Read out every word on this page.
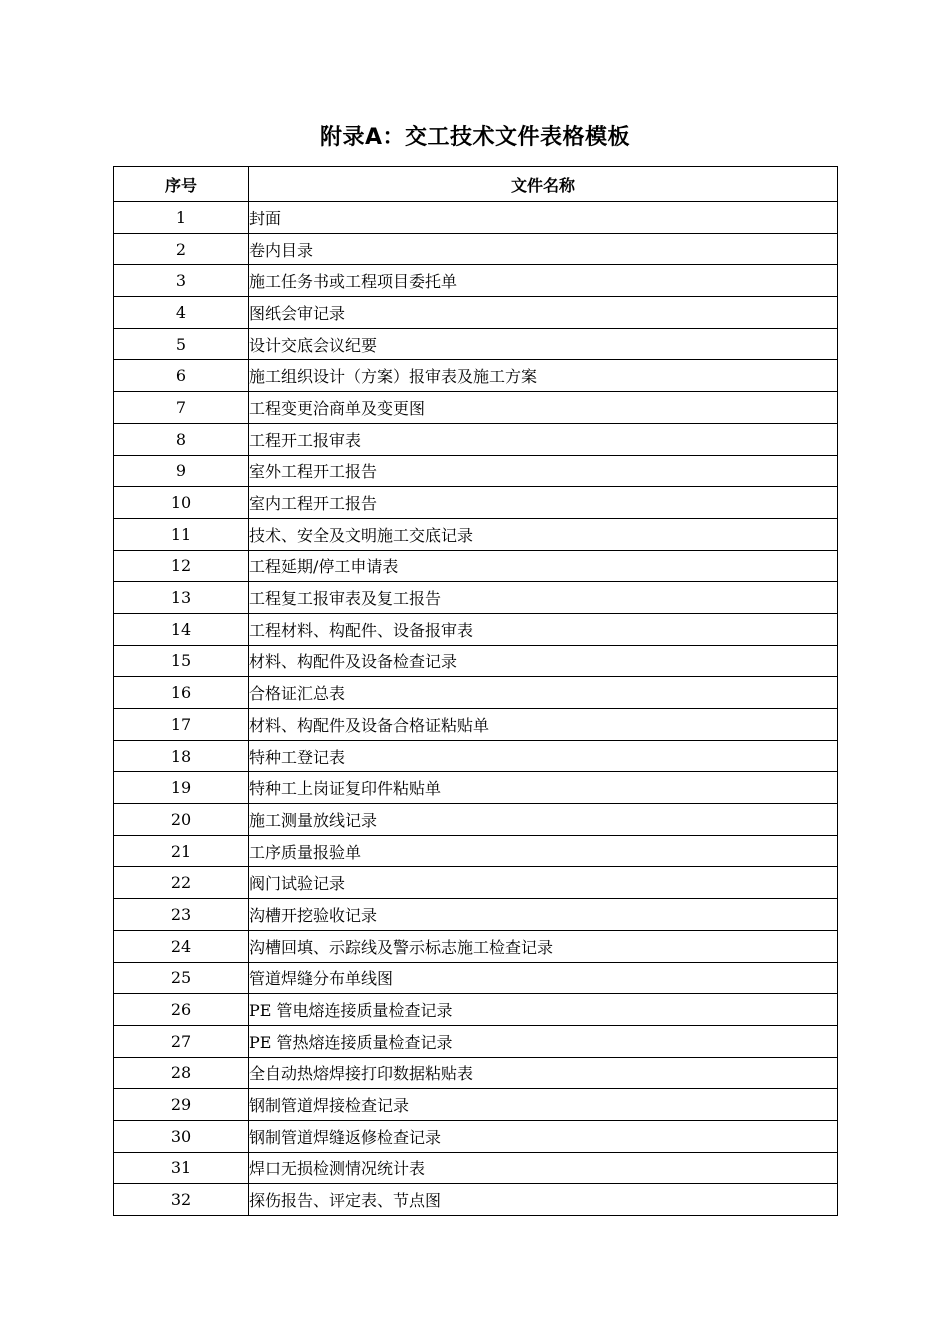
附录A：交工技术文件表格模板
序号	文件名称
1	封面
2	卷内目录
3	施工任务书或工程项目委托单
4	图纸会审记录
5	设计交底会议纪要
6	施工组织设计（方案）报审表及施工方案
7	工程变更洽商单及变更图
8	工程开工报审表
9	室外工程开工报告
10	室内工程开工报告
11	技术、安全及文明施工交底记录
12	工程延期/停工申请表
13	工程复工报审表及复工报告
14	工程材料、构配件、设备报审表
15	材料、构配件及设备检查记录
16	合格证汇总表
17	材料、构配件及设备合格证粘贴单
18	特种工登记表
19	特种工上岗证复印件粘贴单
20	施工测量放线记录
21	工序质量报验单
22	阀门试验记录
23	沟槽开挖验收记录
24	沟槽回填、示踪线及警示标志施工检查记录
25	管道焊缝分布单线图
26	PE 管电熔连接质量检查记录
27	PE 管热熔连接质量检查记录
28	全自动热熔焊接打印数据粘贴表
29	钢制管道焊接检查记录
30	钢制管道焊缝返修检查记录
31	焊口无损检测情况统计表
32	探伤报告、评定表、节点图
